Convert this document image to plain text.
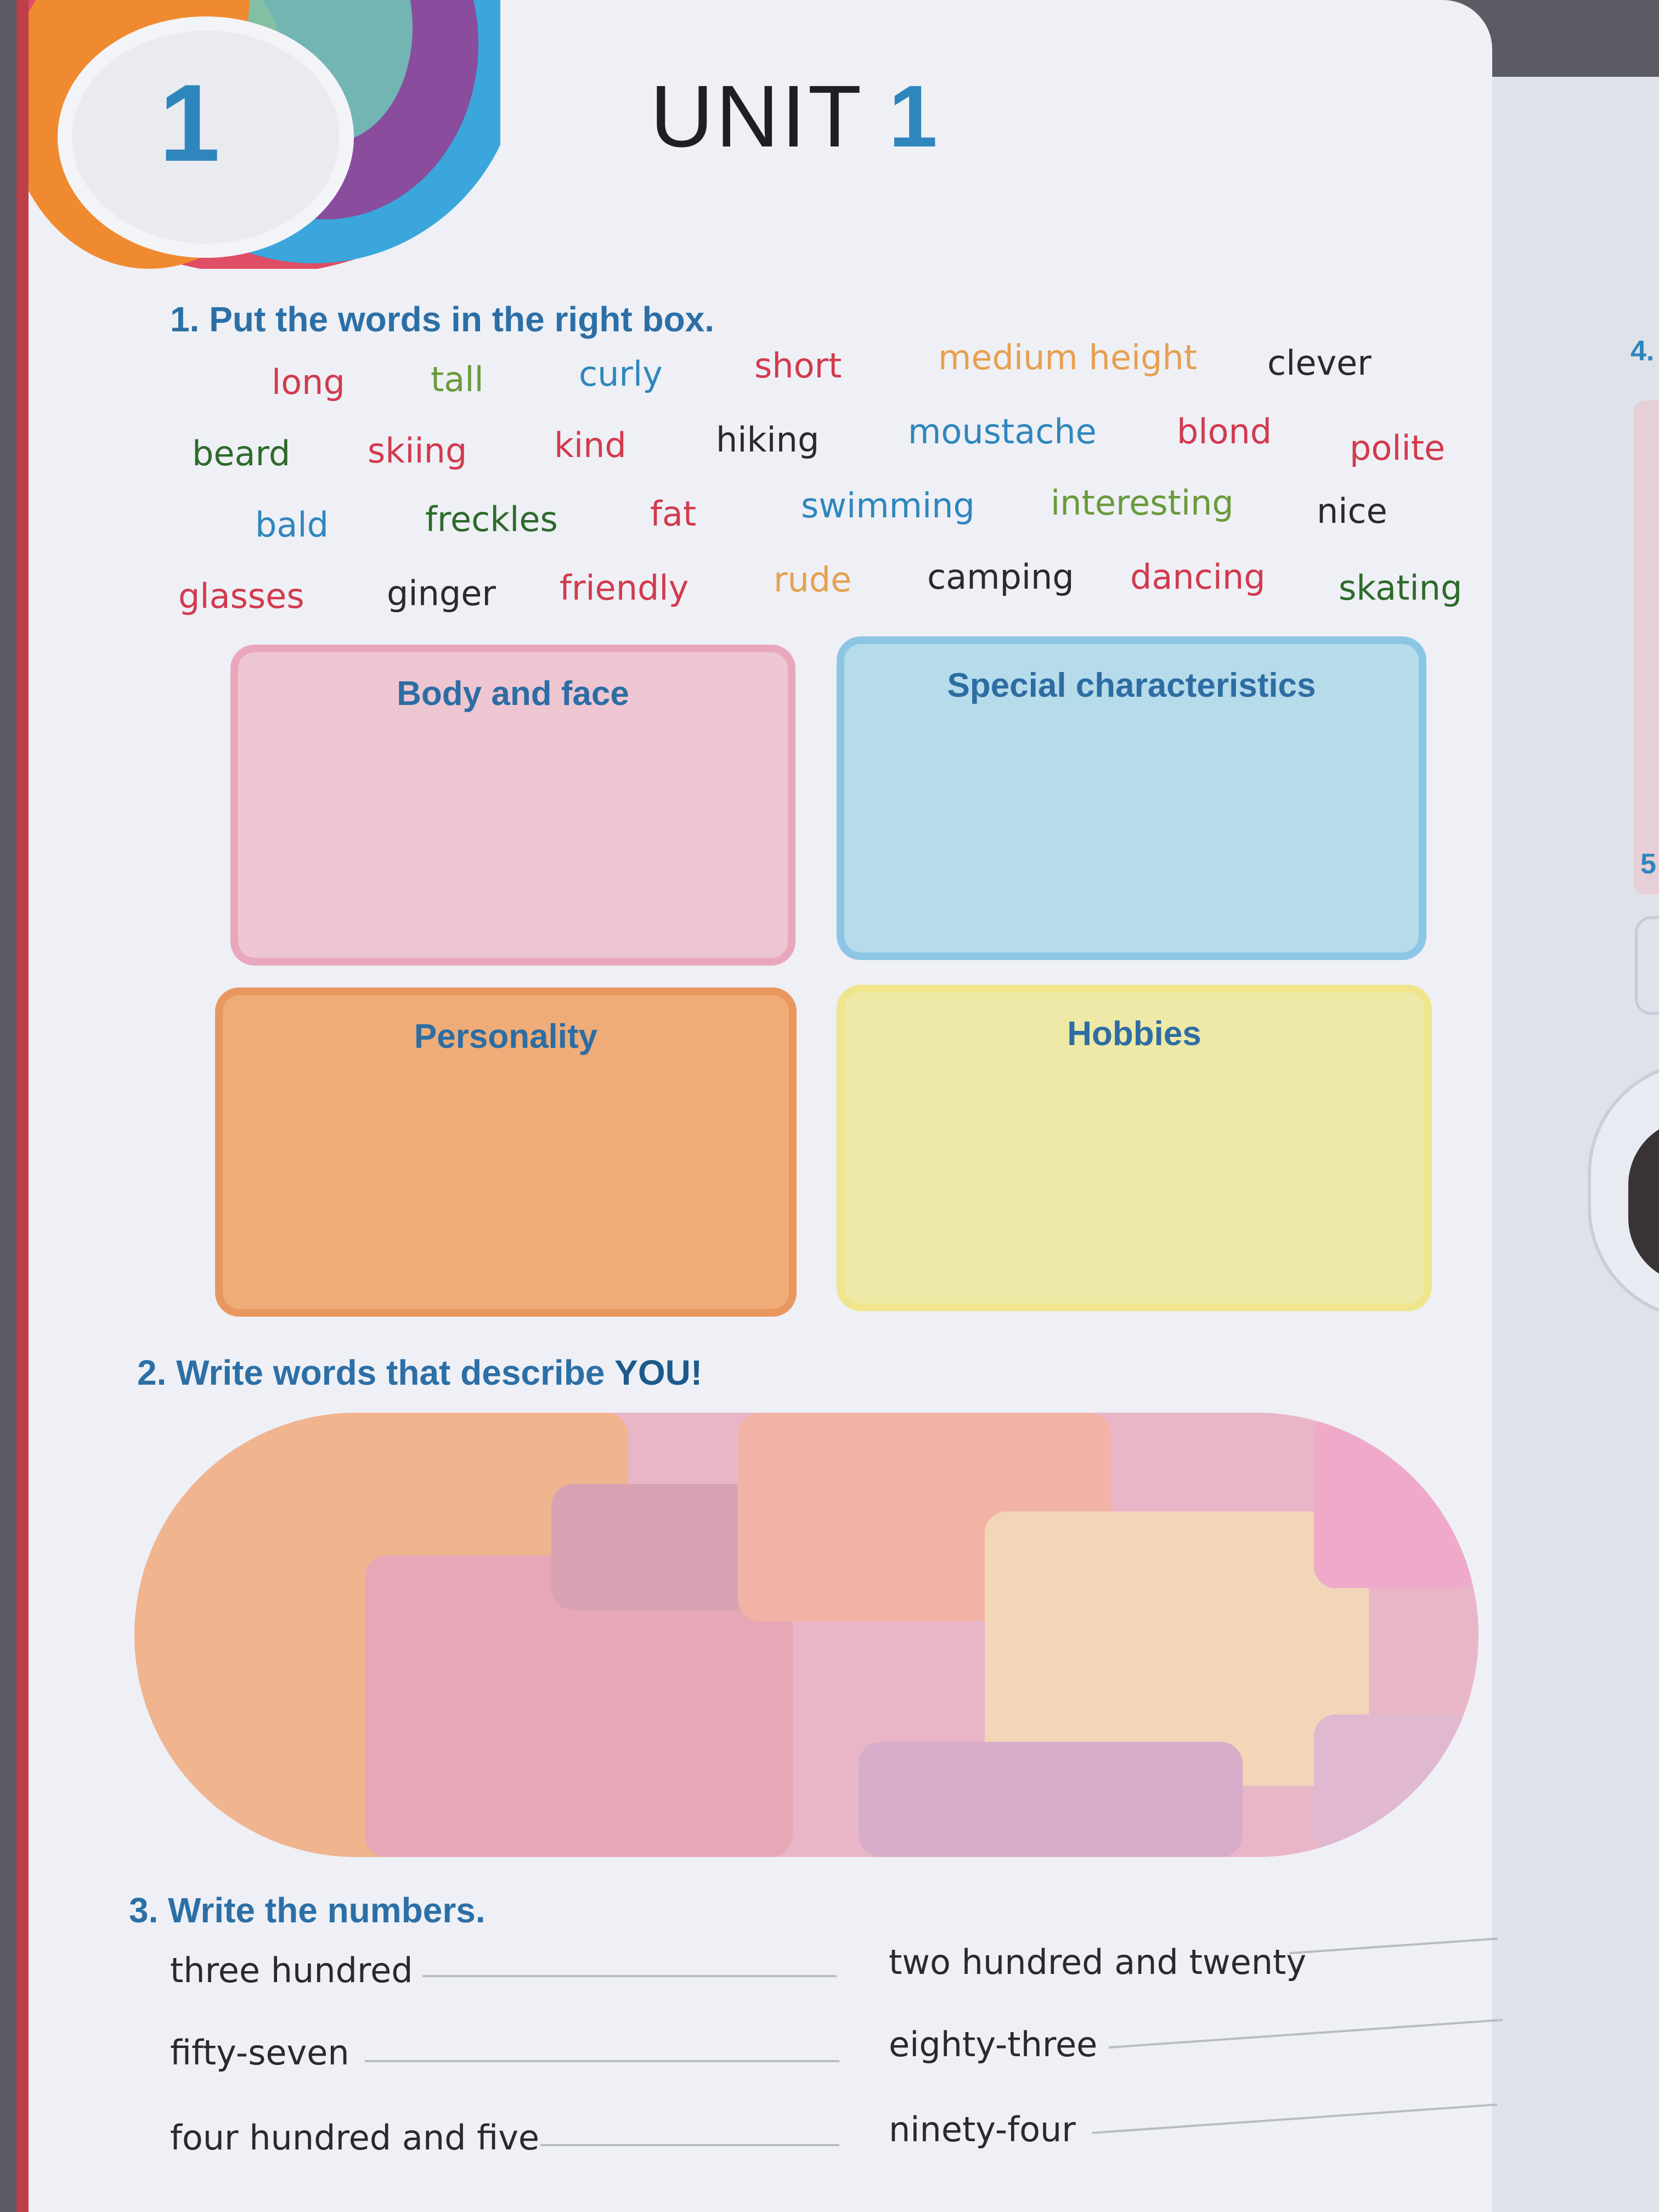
4.
5
1	UNIT 1
1. Put the words in the right box.
long	tall	curly	short	medium height clever
beard skiing	kind	hiking	moustache blond polite
bald	freckles	fat	swimming interesting nice
glasses ginger friendly rude camping dancing skating
Body and face	Special characteristics
Personality	Hobbies
2. Write words that describe YOU!
3. Write the numbers.
three hundred	two hundred and twenty
fifty-seven	eighty-three
four hundred and five	ninety-four
